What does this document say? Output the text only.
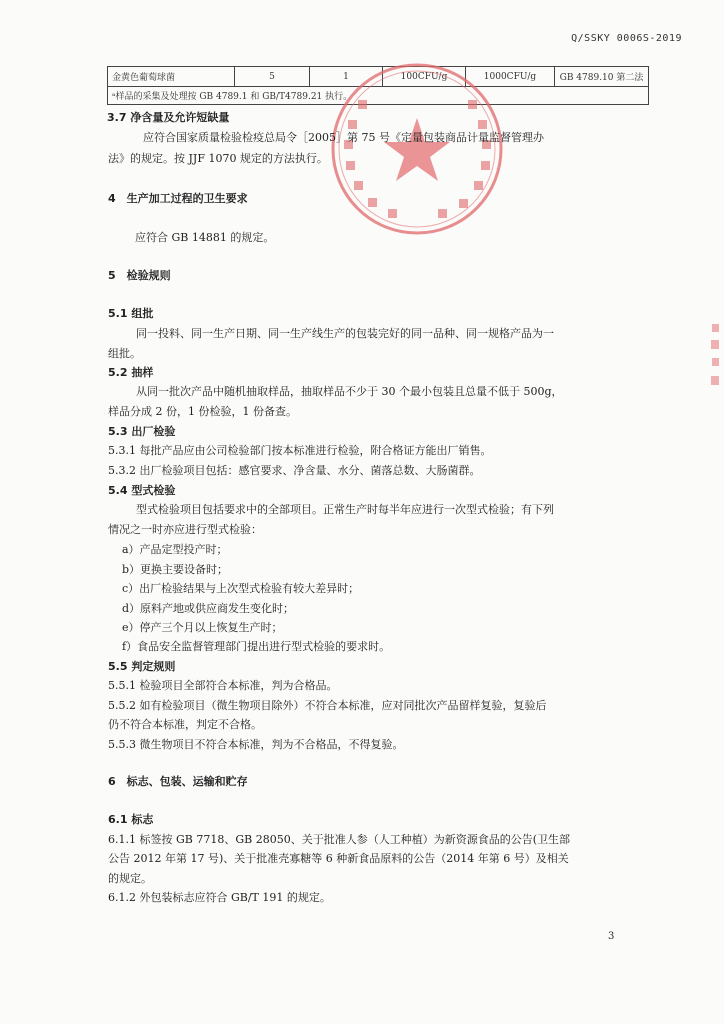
Q/SSKY 0006S-2019
金黄色葡萄球菌	5	1	100CFU/g	1000CFU/g	GB 4789.10 第二法
ᵃ样品的采集及处理按 GB 4789.1 和 GB/T4789.21 执行。
3.7 净含量及允许短缺量
应符合国家质量检验检疫总局令［2005］第 75 号《定量包装商品计量监督管理办
法》的规定。按 JJF 1070 规定的方法执行。
4　生产加工过程的卫生要求
应符合 GB 14881 的规定。
5　检验规则
5.1 组批
同一投料、同一生产日期、同一生产线生产的包装完好的同一品种、同一规格产品为一
组批。
5.2 抽样
从同一批次产品中随机抽取样品，抽取样品不少于 30 个最小包装且总量不低于 500g，
样品分成 2 份，1 份检验，1 份备查。
5.3 出厂检验
5.3.1 每批产品应由公司检验部门按本标准进行检验，附合格证方能出厂销售。
5.3.2 出厂检验项目包括：感官要求、净含量、水分、菌落总数、大肠菌群。
5.4 型式检验
型式检验项目包括要求中的全部项目。正常生产时每半年应进行一次型式检验；有下列
情况之一时亦应进行型式检验：
a）产品定型投产时；
b）更换主要设备时；
c）出厂检验结果与上次型式检验有较大差异时；
d）原料产地或供应商发生变化时；
e）停产三个月以上恢复生产时；
f）食品安全监督管理部门提出进行型式检验的要求时。
5.5 判定规则
5.5.1 检验项目全部符合本标准，判为合格品。
5.5.2 如有检验项目（微生物项目除外）不符合本标准，应对同批次产品留样复验，复验后
仍不符合本标准，判定不合格。
5.5.3 微生物项目不符合本标准，判为不合格品，不得复验。
6　标志、包装、运输和贮存
6.1 标志
6.1.1 标签按 GB 7718、GB 28050、关于批准人参（人工种植）为新资源食品的公告(卫生部
公告 2012 年第 17 号)、关于批准壳寡糖等 6 种新食品原料的公告（2014 年第 6 号）及相关
的规定。
6.1.2 外包装标志应符合 GB/T 191 的规定。
3
